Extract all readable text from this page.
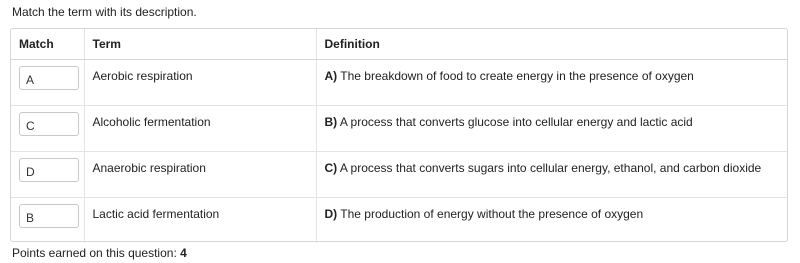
Match the term with its description.
Match	Term	Definition

A	Aerobic respiration	A) The breakdown of food to create energy in the presence of oxygen

C	Alcoholic fermentation	B) A process that converts glucose into cellular energy and lactic acid

D	Anaerobic respiration	C) A process that converts sugars into cellular energy, ethanol, and carbon dioxide

B	Lactic acid fermentation	D) The production of energy without the presence of oxygen
Points earned on this question: 4
